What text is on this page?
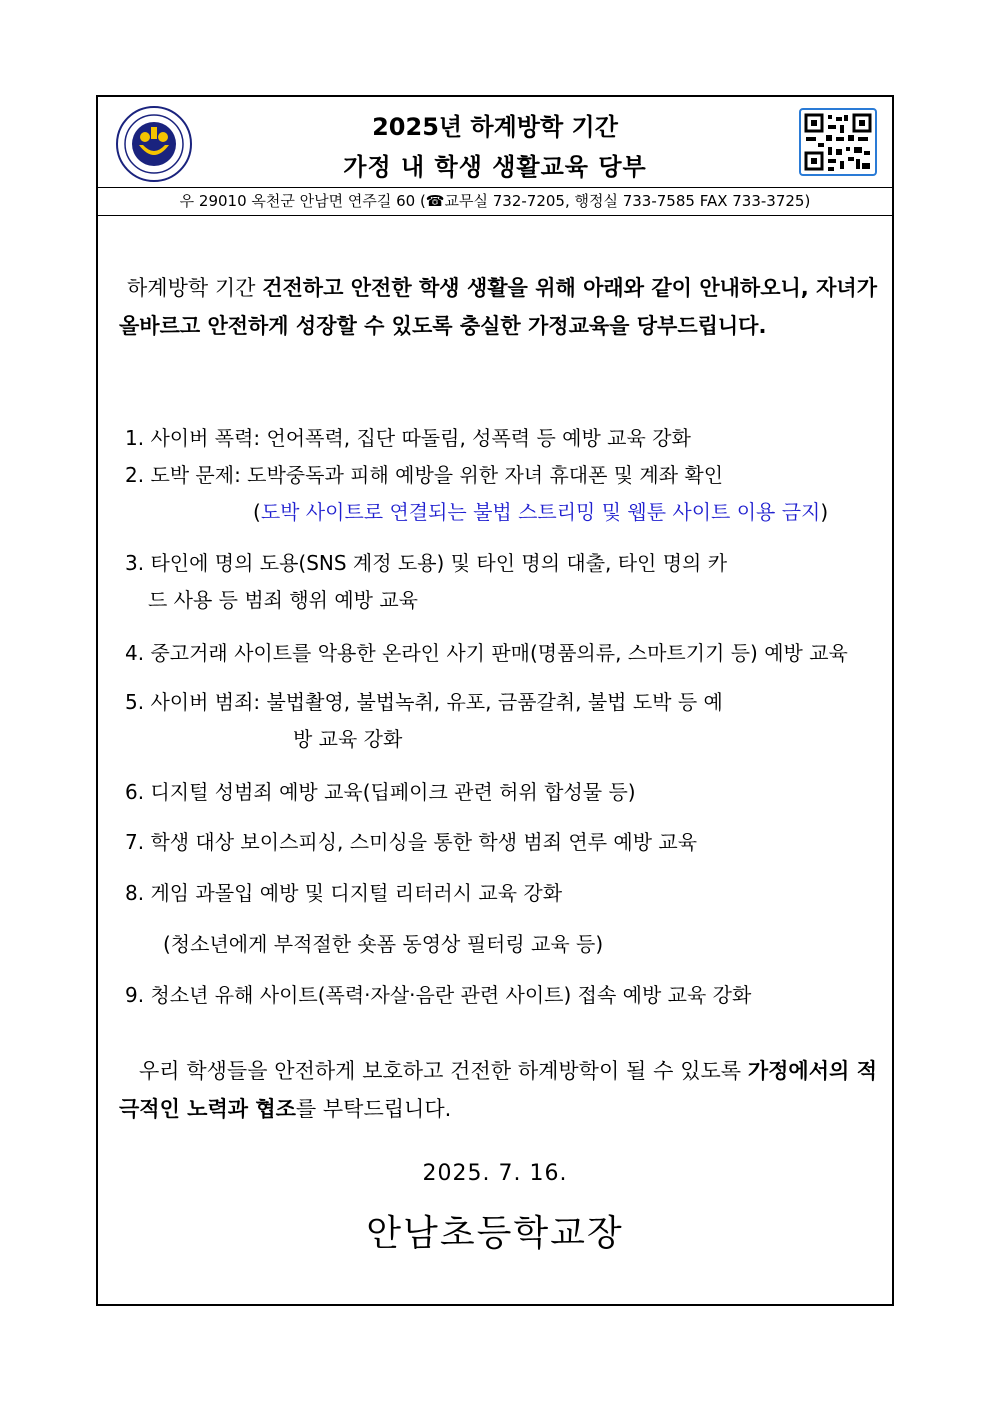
2025년 하계방학 기간
가정 내 학생 생활교육 당부
우 29010 옥천군 안남면 연주길 60 (☎교무실 732-7205, 행정실 733-7585 FAX 733-3725)
하계방학 기간 건전하고 안전한 학생 생활을 위해 아래와 같이 안내하오니, 자녀가 올바르고 안전하게 성장할 수 있도록 충실한 가정교육을 당부드립니다.
1. 사이버 폭력: 언어폭력, 집단 따돌림, 성폭력 등 예방 교육 강화
2. 도박 문제: 도박중독과 피해 예방을 위한 자녀 휴대폰 및 계좌 확인
(도박 사이트로 연결되는 불법 스트리밍 및 웹툰 사이트 이용 금지)
3. 타인에 명의 도용(SNS 계정 도용) 및 타인 명의 대출, 타인 명의 카
드 사용 등 범죄 행위 예방 교육
4. 중고거래 사이트를 악용한 온라인 사기 판매(명품의류, 스마트기기 등) 예방 교육
5. 사이버 범죄: 불법촬영, 불법녹취, 유포, 금품갈취, 불법 도박 등 예
방 교육 강화
6. 디지털 성범죄 예방 교육(딥페이크 관련 허위 합성물 등)
7. 학생 대상 보이스피싱, 스미싱을 통한 학생 범죄 연루 예방 교육
8. 게임 과몰입 예방 및 디지털 리터러시 교육 강화
(청소년에게 부적절한 숏폼 동영상 필터링 교육 등)
9. 청소년 유해 사이트(폭력·자살·음란 관련 사이트) 접속 예방 교육 강화
우리 학생들을 안전하게 보호하고 건전한 하계방학이 될 수 있도록 가정에서의 적극적인 노력과 협조를 부탁드립니다.
2025. 7. 16.
안남초등학교장
